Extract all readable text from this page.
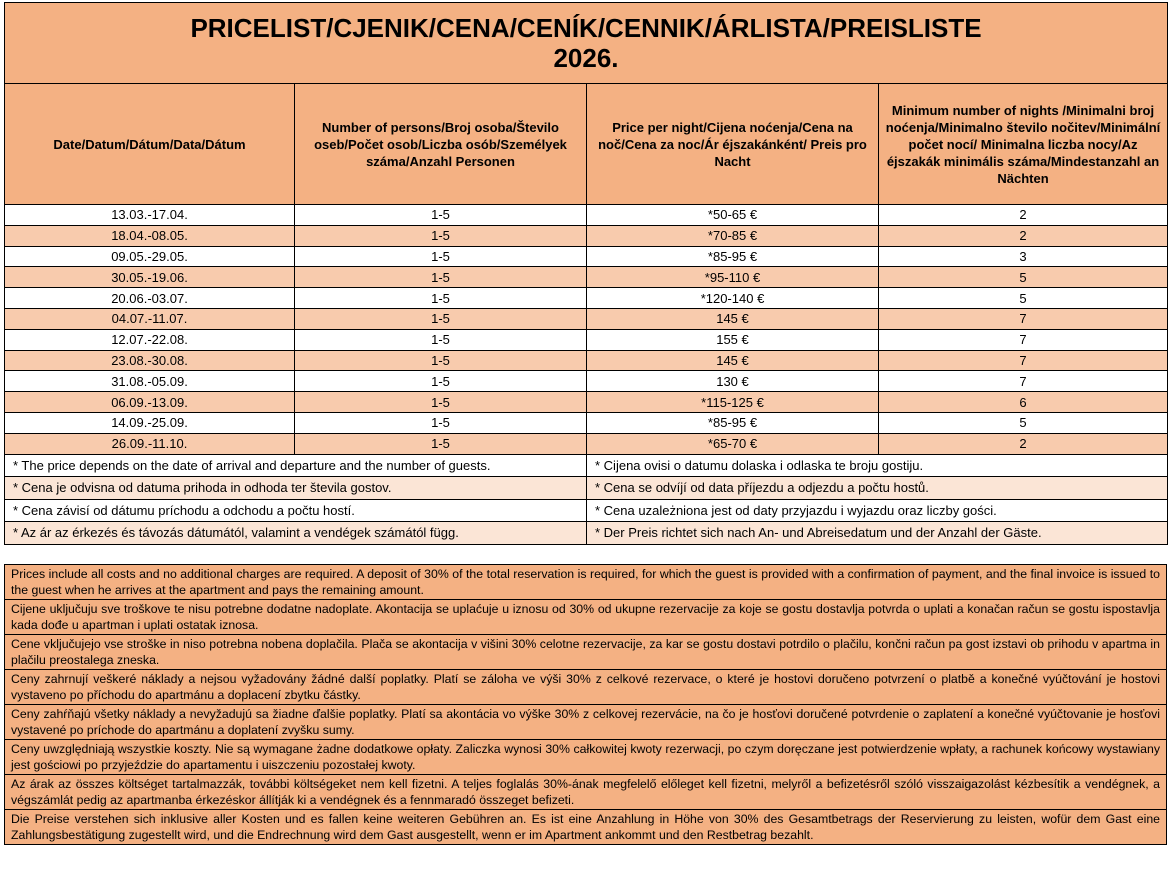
PRICELIST/CJENIK/CENA/CENÍK/CENNIK/ÁRLISTA/PREISLISTE
2026.			

Date/Datum/Dátum/Data/Dátum	Number of persons/Broj osoba/Število oseb/Počet osob/Liczba osób/Személyek száma/Anzahl Personen	Price per night/Cijena noćenja/Cena na noč/Cena za noc/Ár éjszakánként/ Preis pro Nacht	Minimum number of nights /Minimalni broj noćenja/Minimalno število nočitev/Minimální počet nocí/ Minimalna liczba nocy/Az éjszakák minimális száma/Mindestanzahl an Nächten
13.03.-17.04.	1-5	*50-65 €	2
18.04.-08.05.	1-5	*70-85 €	2
09.05.-29.05.	1-5	*85-95 €	3
30.05.-19.06.	1-5	*95-110 €	5
20.06.-03.07.	1-5	*120-140 €	5
04.07.-11.07.	1-5	145 €	7
12.07.-22.08.	1-5	155 €	7
23.08.-30.08.	1-5	145 €	7
31.08.-05.09.	1-5	130 €	7
06.09.-13.09.	1-5	*115-125 €	6
14.09.-25.09.	1-5	*85-95 €	5
26.09.-11.10.	1-5	*65-70 €	2
* The price depends on the date of arrival and departure and the number of guests.		* Cijena ovisi o datumu dolaska i odlaska te broju gostiju.	
* Cena je odvisna od datuma prihoda in odhoda ter števila gostov.		* Cena se odvíjí od data příjezdu a odjezdu a počtu hostů.	
* Cena závisí od dátumu príchodu a odchodu a počtu hostí.		* Cena uzależniona jest od daty przyjazdu i wyjazdu oraz liczby gości.	
* Az ár az érkezés és távozás dátumától, valamint a vendégek számától függ.		* Der Preis richtet sich nach An- und Abreisedatum und der Anzahl der Gäste.	
Prices include all costs and no additional charges are required. A deposit of 30% of the total reservation is required, for which the guest is provided with a confirmation of payment, and the final invoice is issued to the guest when he arrives at the apartment and pays the remaining amount.
Cijene uključuju sve troškove te nisu potrebne dodatne nadoplate. Akontacija se uplaćuje u iznosu od 30% od ukupne rezervacije za koje se gostu dostavlja potvrda o uplati a konačan račun se gostu ispostavlja kada dođe u apartman i uplati ostatak iznosa.
Cene vključujejo vse stroške in niso potrebna nobena doplačila. Plača se akontacija v višini 30% celotne rezervacije, za kar se gostu dostavi potrdilo o plačilu, končni račun pa gost izstavi ob prihodu v apartma in plačilu preostalega zneska.
Ceny zahrnují veškeré náklady a nejsou vyžadovány žádné další poplatky. Platí se záloha ve výši 30% z celkové rezervace, o které je hostovi doručeno potvrzení o platbě a konečné vyúčtování je hostovi vystaveno po příchodu do apartmánu a doplacení zbytku částky.
Ceny zahŕňajú všetky náklady a nevyžadujú sa žiadne ďalšie poplatky. Platí sa akontácia vo výške 30% z celkovej rezervácie, na čo je hosťovi doručené potvrdenie o zaplatení a konečné vyúčtovanie je hosťovi vystavené po príchode do apartmánu a doplatení zvyšku sumy.
Ceny uwzględniają wszystkie koszty. Nie są wymagane żadne dodatkowe opłaty. Zaliczka wynosi 30% całkowitej kwoty rezerwacji, po czym doręczane jest potwierdzenie wpłaty, a rachunek końcowy wystawiany jest gościowi po przyjeździe do apartamentu i uiszczeniu pozostałej kwoty.
Az árak az összes költséget tartalmazzák, további költségeket nem kell fizetni. A teljes foglalás 30%-ának megfelelő előleget kell fizetni, melyről a befizetésről szóló visszaigazolást kézbesítik a vendégnek, a végszámlát pedig az apartmanba érkezéskor állítják ki a vendégnek és a fennmaradó összeget befizeti.
Die Preise verstehen sich inklusive aller Kosten und es fallen keine weiteren Gebühren an. Es ist eine Anzahlung in Höhe von 30% des Gesamtbetrags der Reservierung zu leisten, wofür dem Gast eine Zahlungsbestätigung zugestellt wird, und die Endrechnung wird dem Gast ausgestellt, wenn er im Apartment ankommt und den Restbetrag bezahlt.
